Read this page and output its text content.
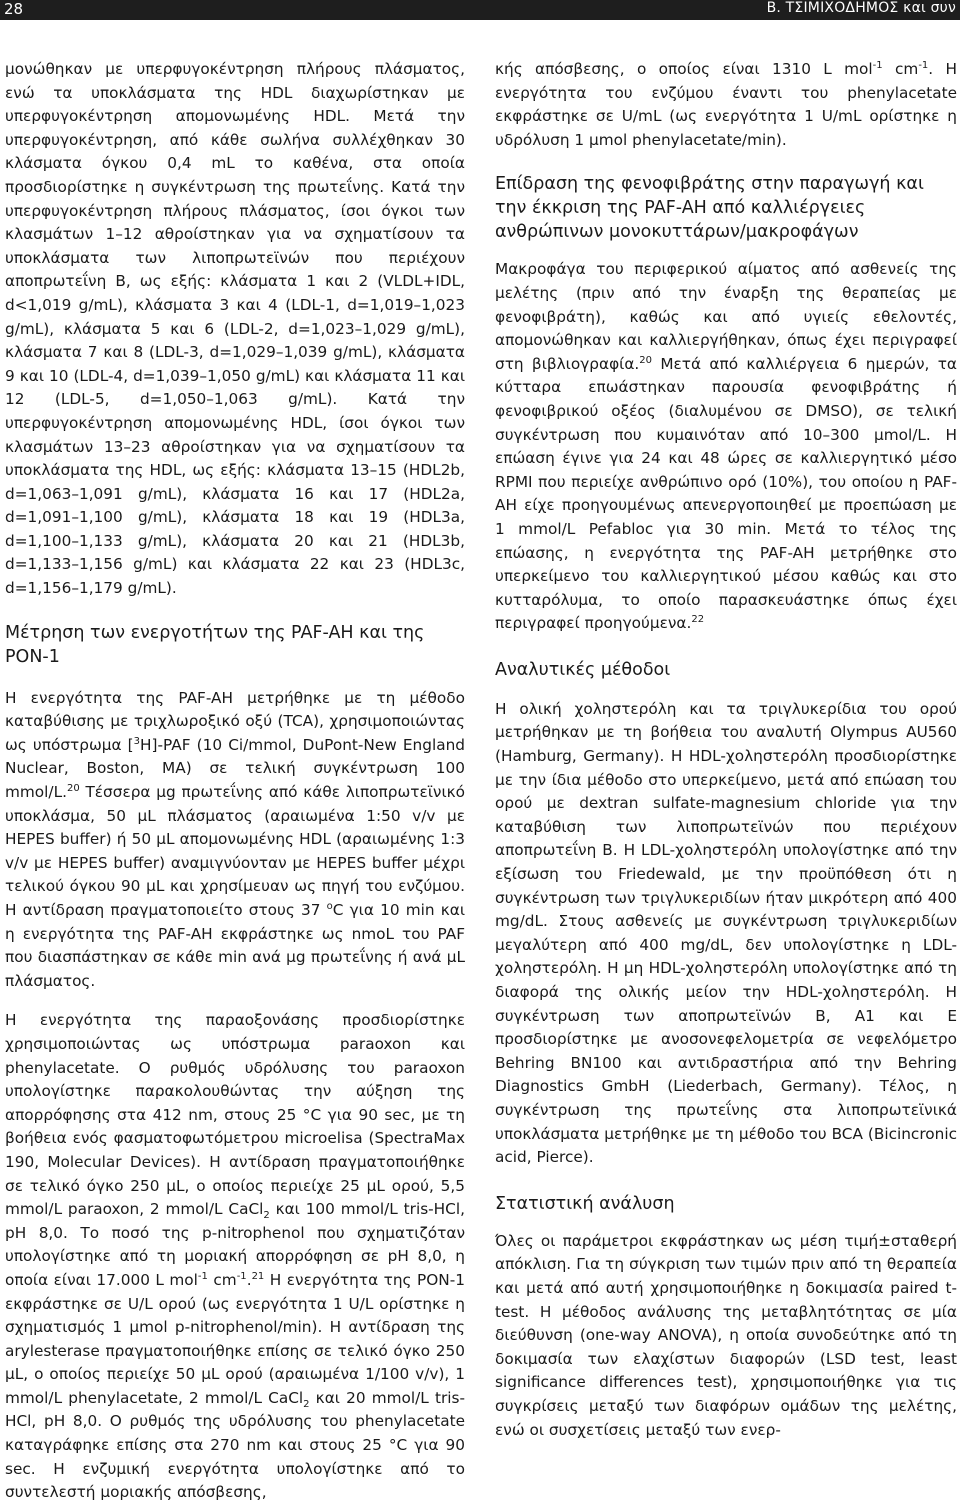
28	Β. ΤΣΙΜΙΧΟΔΗΜΟΣ και συν

μονώθηκαν με υπερφυγοκέντρηση πλήρους πλάσματος, ενώ τα υποκλάσματα της HDL διαχωρίστηκαν με υπερφυγοκέντρηση απομονωμένης HDL. Μετά την υπερφυγοκέντρηση, από κάθε σωλήνα συλλέχθηκαν 30 κλάσματα όγκου 0,4 mL το καθένα, στα οποία προσδιορίστηκε η συγκέντρωση της πρωτεΐνης. Κατά την υπερφυγοκέντρηση πλήρους πλάσματος, ίσοι όγκοι των κλασμάτων 1–12 αθροίστηκαν για να σχηματίσουν τα υποκλάσματα των λιποπρωτεϊνών που περιέχουν αποπρωτεΐνη B, ως εξής: κλάσματα 1 και 2 (VLDL+IDL, d<1,019 g/mL), κλάσματα 3 και 4 (LDL-1, d=1,019–1,023 g/mL), κλάσματα 5 και 6 (LDL-2, d=1,023–1,029 g/mL), κλάσματα 7 και 8 (LDL-3, d=1,029–1,039 g/mL), κλάσματα 9 και 10 (LDL-4, d=1,039–1,050 g/mL) και κλάσματα 11 και 12 (LDL-5, d=1,050–1,063 g/mL). Κατά την υπερφυγοκέντρηση απομονωμένης HDL, ίσοι όγκοι των κλασμάτων 13–23 αθροίστηκαν για να σχηματίσουν τα υποκλάσματα της HDL, ως εξής: κλάσματα 13–15 (HDL2b, d=1,063–1,091 g/mL), κλάσματα 16 και 17 (HDL2a, d=1,091–1,100 g/mL), κλάσματα 18 και 19 (HDL3a, d=1,100–1,133 g/mL), κλάσματα 20 και 21 (HDL3b, d=1,133–1,156 g/mL) και κλάσματα 22 και 23 (HDL3c, d=1,156–1,179 g/mL).

Μέτρηση των ενεργοτήτων της PAF-AH και της PON-1

Η ενεργότητα της PAF-AH μετρήθηκε με τη μέθοδο καταβύθισης με τριχλωροξικό οξύ (TCA), χρησιμοποιώντας ως υπόστρωμα [$^3$H]-PAF (10 Ci/mmol, DuPont-New England Nuclear, Boston, MA) σε τελική συγκέντρωση 100 mmol/L.$^{20}$ Τέσσερα μg πρωτεΐνης από κάθε λιποπρωτεϊνικό υποκλάσμα, 50 μL πλάσματος (αραιωμένα 1:50 v/v με HEPES buffer) ή 50 μL απομονωμένης HDL (αραιωμένης 1:3 v/v με HEPES buffer) αναμιγνύονταν με HEPES buffer μέχρι τελικού όγκου 90 μL και χρησίμευαν ως πηγή του ενζύμου. Η αντίδραση πραγματοποιείτο στους 37 $^o$C για 10 min και η ενεργότητα της PAF-AH εκφράστηκε ως nmoL του PAF που διασπάστηκαν σε κάθε min ανά μg πρωτεΐνης ή ανά μL πλάσματος.

Η ενεργότητα της παραοξονάσης προσδιορίστηκε χρησιμοποιώντας ως υπόστρωμα paraoxon και phenylacetate. Ο ρυθμός υδρόλυσης του paraoxon υπολογίστηκε παρακολουθώντας την αύξηση της απορρόφησης στα 412 nm, στους 25 °C για 90 sec, με τη βοήθεια ενός φασματοφωτόμετρου microelisa (SpectraMax 190, Molecular Devices). Η αντίδραση πραγματοποιήθηκε σε τελικό όγκο 250 μL, ο οποίος περιείχε 25 μL ορού, 5,5 mmol/L paraoxon, 2 mmol/L CaCl$_2$ και 100 mmol/L tris-HCl, pH 8,0. Το ποσό της p-nitrophenol που σχηματιζόταν υπολογίστηκε από τη μοριακή απορρόφηση σε pH 8,0, η οποία είναι 17.000 L mol$^{-1}$ $cm^{-1}.^{21}$ Η ενεργότητα της PON-1 εκφράστηκε σε U/L ορού (ως ενεργότητα 1 U/L ορίστηκε η σχηματισμός 1 μmol p-nitrophenol/min). Η αντίδραση της arylesterase πραγματοποιήθηκε επίσης σε τελικό όγκο 250 μL, ο οποίος περιείχε 50 μL ορού (αραιωμένα 1/100 v/v), 1 mmol/L phenylacetate, 2 mmol/L CaCl$_2$ και 20 mmol/L tris-HCl, pH 8,0. Ο ρυθμός της υδρόλυσης του phenylacetate καταγράφηκε επίσης στα 270 nm και στους 25 °C για 90 sec. Η ενζυμική ενεργότητα υπολογίστηκε από το συντελεστή μοριακής απόσβεσης,

κής απόσβεσης, ο οποίος είναι 1310 L mol$^{-1}$ $cm^{-1}$. Η ενεργότητα του ενζύμου έναντι του phenylacetate εκφράστηκε σε U/mL (ως ενεργότητα 1 U/mL ορίστηκε η υδρόλυση 1 μmol phenylacetate/min).

Επίδραση της φενοφιβράτης στην παραγωγή και την έκκριση της PAF-AH από καλλιέργειες ανθρώπινων μονοκυττάρων/μακροφάγων

Μακροφάγα του περιφερικού αίματος από ασθενείς της μελέτης (πριν από την έναρξη της θεραπείας με φενοφιβράτη), καθώς και από υγιείς εθελοντές, απομονώθηκαν και καλλιεργήθηκαν, όπως έχει περιγραφεί στη βιβλιογραφία.$^{20}$ Μετά από καλλιέργεια 6 ημερών, τα κύτταρα επωάστηκαν παρουσία φενοφιβράτης ή φενοφιβρικού οξέος (διαλυμένου σε DMSO), σε τελική συγκέντρωση που κυμαινόταν από 10–300 μmol/L. Η επώαση έγινε για 24 και 48 ώρες σε καλλιεργητικό μέσο RPMI που περιείχε ανθρώπινο ορό (10%), του οποίου η PAF-AH είχε προηγουμένως απενεργοποιηθεί με προεπώαση με 1 mmol/L Pefabloc για 30 min. Μετά το τέλος της επώασης, η ενεργότητα της PAF-AH μετρήθηκε στο υπερκείμενο του καλλιεργητικού μέσου καθώς και στο κυτταρόλυμα, το οποίο παρασκευάστηκε όπως έχει περιγραφεί προηγούμενα.$^{22}$

Αναλυτικές μέθοδοι

Η ολική χοληστερόλη και τα τριγλυκερίδια του ορού μετρήθηκαν με τη βοήθεια του αναλυτή Olympus AU560 (Hamburg, Germany). Η HDL-χοληστερόλη προσδιορίστηκε με την ίδια μέθοδο στο υπερκείμενο, μετά από επώαση του ορού με dextran sulfate-magnesium chloride για την καταβύθιση των λιποπρωτεϊνών που περιέχουν αποπρωτεΐνη B. Η LDL-χοληστερόλη υπολογίστηκε από την εξίσωση του Friedewald, με την προϋπόθεση ότι η συγκέντρωση των τριγλυκεριδίων ήταν μικρότερη από 400 mg/dL. Στους ασθενείς με συγκέντρωση τριγλυκεριδίων μεγαλύτερη από 400 mg/dL, δεν υπολογίστηκε η LDL-χοληστερόλη. Η μη HDL-χοληστερόλη υπολογίστηκε από τη διαφορά της ολικής μείον την HDL-χοληστερόλη. Η συγκέντρωση των αποπρωτεϊνών B, A1 και E προσδιορίστηκε με ανοσονεφελομετρία σε νεφελόμετρο Behring BN100 και αντιδραστήρια από την Behring Diagnostics GmbH (Liederbach, Germany). Τέλος, η συγκέντρωση της πρωτεΐνης στα λιποπρωτεϊνικά υποκλάσματα μετρήθηκε με τη μέθοδο του BCA (Bicincronic acid, Pierce).

Στατιστική ανάλυση

Όλες οι παράμετροι εκφράστηκαν ως μέση τιμή±σταθερή απόκλιση. Για τη σύγκριση των τιμών πριν από τη θεραπεία και μετά από αυτή χρησιμοποιήθηκε η δοκιμασία paired t-test. Η μέθοδος ανάλυσης της μεταβλητότητας σε μία διεύθυνση (one-way ANOVA), η οποία συνοδεύτηκε από τη δοκιμασία των ελαχίστων διαφορών (LSD test, least significance differences test), χρησιμοποιήθηκε για τις συγκρίσεις μεταξύ των διαφόρων ομάδων της μελέτης, ενώ οι συσχετίσεις μεταξύ των ενερ-
